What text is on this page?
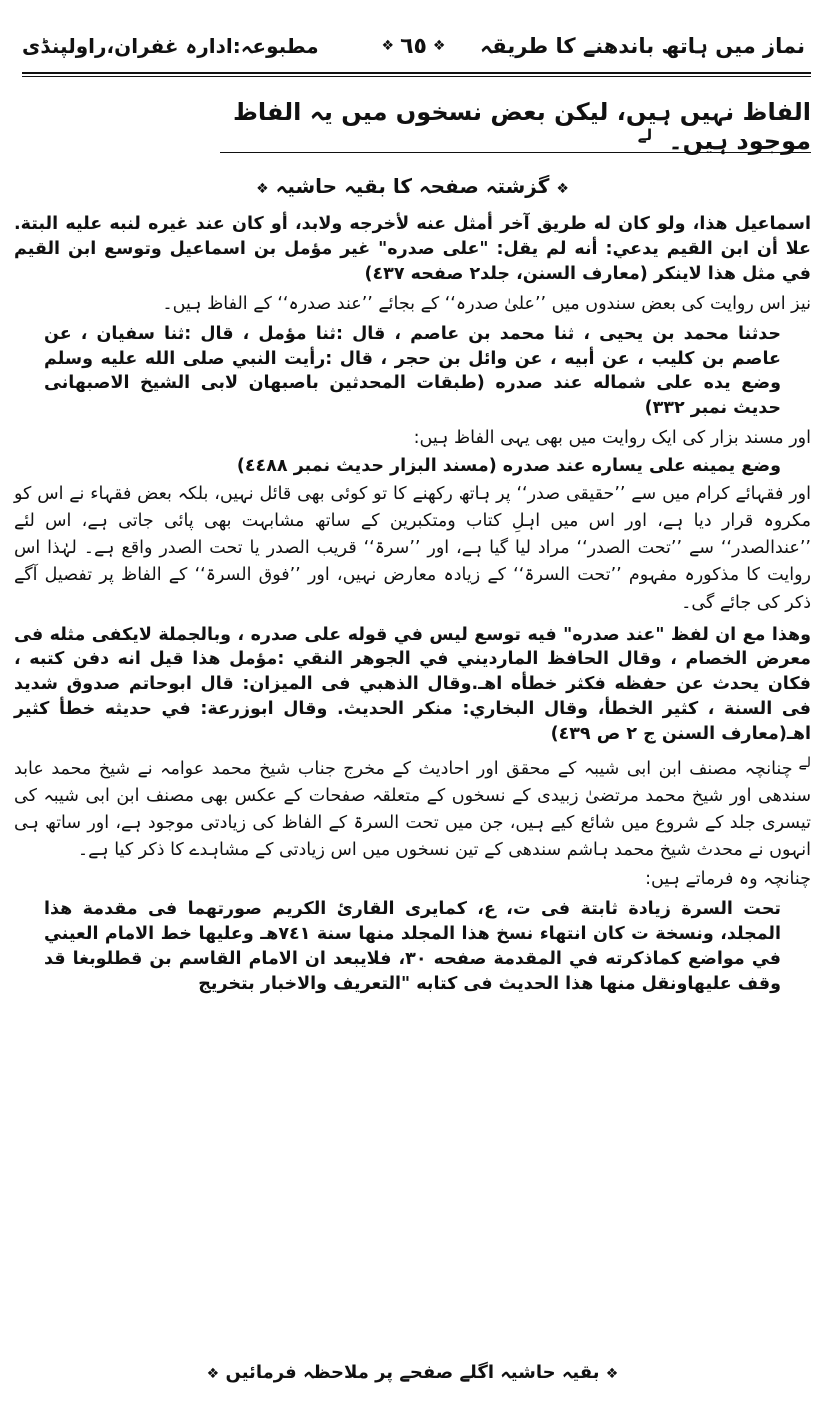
نماز میں ہاتھ باندھنے کا طریقہ
❖
٦٥
❖
مطبوعہ:ادارہ غفران،راولپنڈی
الفاظ نہیں ہیں، لیکن بعض نسخوں میں یہ الفاظ موجود ہیں۔ $^{لے}$
❖ گزشتہ صفحہ کا بقیہ حاشیہ ❖

اسماعيل هذا، ولو كان له طريق آخر أمثل عنه لأخرجه ولابد، أو كان عند غيره لنبه عليه البتة. علا أن ابن القيم يدعي: أنه لم يقل: "على صدره" غير مؤمل بن اسماعيل وتوسع ابن القيم في مثل هذا لاينكر (معارف السنن، جلد٢ صفحه ٤٣٧)

نیز اس روایت کی بعض سندوں میں ’’علیٰ صدرہ‘‘ کے بجائے ’’عند صدرہ‘‘ کے الفاظ ہیں۔

حدثنا محمد بن يحيى ، ثنا محمد بن عاصم ، قال :ثنا مؤمل ، قال :ثنا سفيان ، عن عاصم بن كليب ، عن أبيه ، عن وائل بن حجر ، قال :رأيت النبي صلى الله عليه وسلم وضع يده على شماله عند صدره (طبقات المحدثين باصبهان لابى الشيخ الاصبهانى حديث نمبر ٣٣٢)

اور مسند بزار کی ایک روایت میں بھی یہی الفاظ ہیں:

وضع يمينه على يساره عند صدره (مسند البزار حديث نمبر ٤٤٨٨)

اور فقہائے کرام میں سے ’’حقیقی صدر‘‘ پر ہاتھ رکھنے کا تو کوئی بھی قائل نہیں، بلکہ بعض فقہاء نے اس کو مکروہ قرار دیا ہے، اور اس میں اہلِ کتاب ومتکبرین کے ساتھ مشابہت بھی پائی جاتی ہے، اس لئے ’’عندالصدر‘‘ سے ’’تحت الصدر‘‘ مراد لیا گیا ہے، اور ’’سرۃ‘‘ قریب الصدر یا تحت الصدر واقع ہے۔ لہٰذا اس روایت کا مذکورہ مفہوم ’’تحت السرۃ‘‘ کے زیادہ معارض نہیں، اور ’’فوق السرۃ‘‘ کے الفاظ پر تفصیل آگے ذکر کی جائے گی۔

وهذا مع ان لفظ "عند صدره" فيه توسع ليس في قوله على صدره ، وبالجملة لايكفى مثله فى معرض الخصام ، وقال الحافظ المارديني في الجوهر النقي :مؤمل هذا قيل انه دفن كتبه ، فكان يحدث عن حفظه فكثر خطأه اهـ.وقال الذهبي فى الميزان: قال ابوحاتم صدوق شديد فى السنة ، كثير الخطأ، وقال البخاري: منكر الحديث. وقال ابوزرعة: في حديثه خطأ كثير اهـ(معارف السنن ج ٢ ص ٤٣٩)

$^{لے}$چنانچہ مصنف ابن ابی شیبہ کے محقق اور احادیث کے مخرج جناب شیخ محمد عوامہ نے شیخ محمد عابد سندھی اور شیخ محمد مرتضیٰ زبیدی کے نسخوں کے متعلقہ صفحات کے عکس بھی مصنف ابن ابی شیبہ کی تیسری جلد کے شروع میں شائع کیے ہیں، جن میں تحت السرۃ کے الفاظ کی زیادتی موجود ہے، اور ساتھ ہی انہوں نے محدث شیخ محمد ہاشم سندھی کے تین نسخوں میں اس زیادتی کے مشاہدے کا ذکر کیا ہے۔

چنانچہ وہ فرماتے ہیں:

تحت السرة زيادة ثابتة فى ت، ع، كمايرى القارئ الكريم صورتهما فى مقدمة هذا المجلد، ونسخة ت كان انتهاء نسخ هذا المجلد منها سنة ٧٤١هـ وعليها خط الامام العيني في مواضع كماذكرته في المقدمة صفحه ٣٠، فلايبعد ان الامام القاسم بن قطلوبغا قد وقف عليهاونقل منها هذا الحديث فى كتابه "التعريف والاخبار بتخريج

❖ بقیہ حاشیہ اگلے صفحے پر ملاحظہ فرمائیں ❖
